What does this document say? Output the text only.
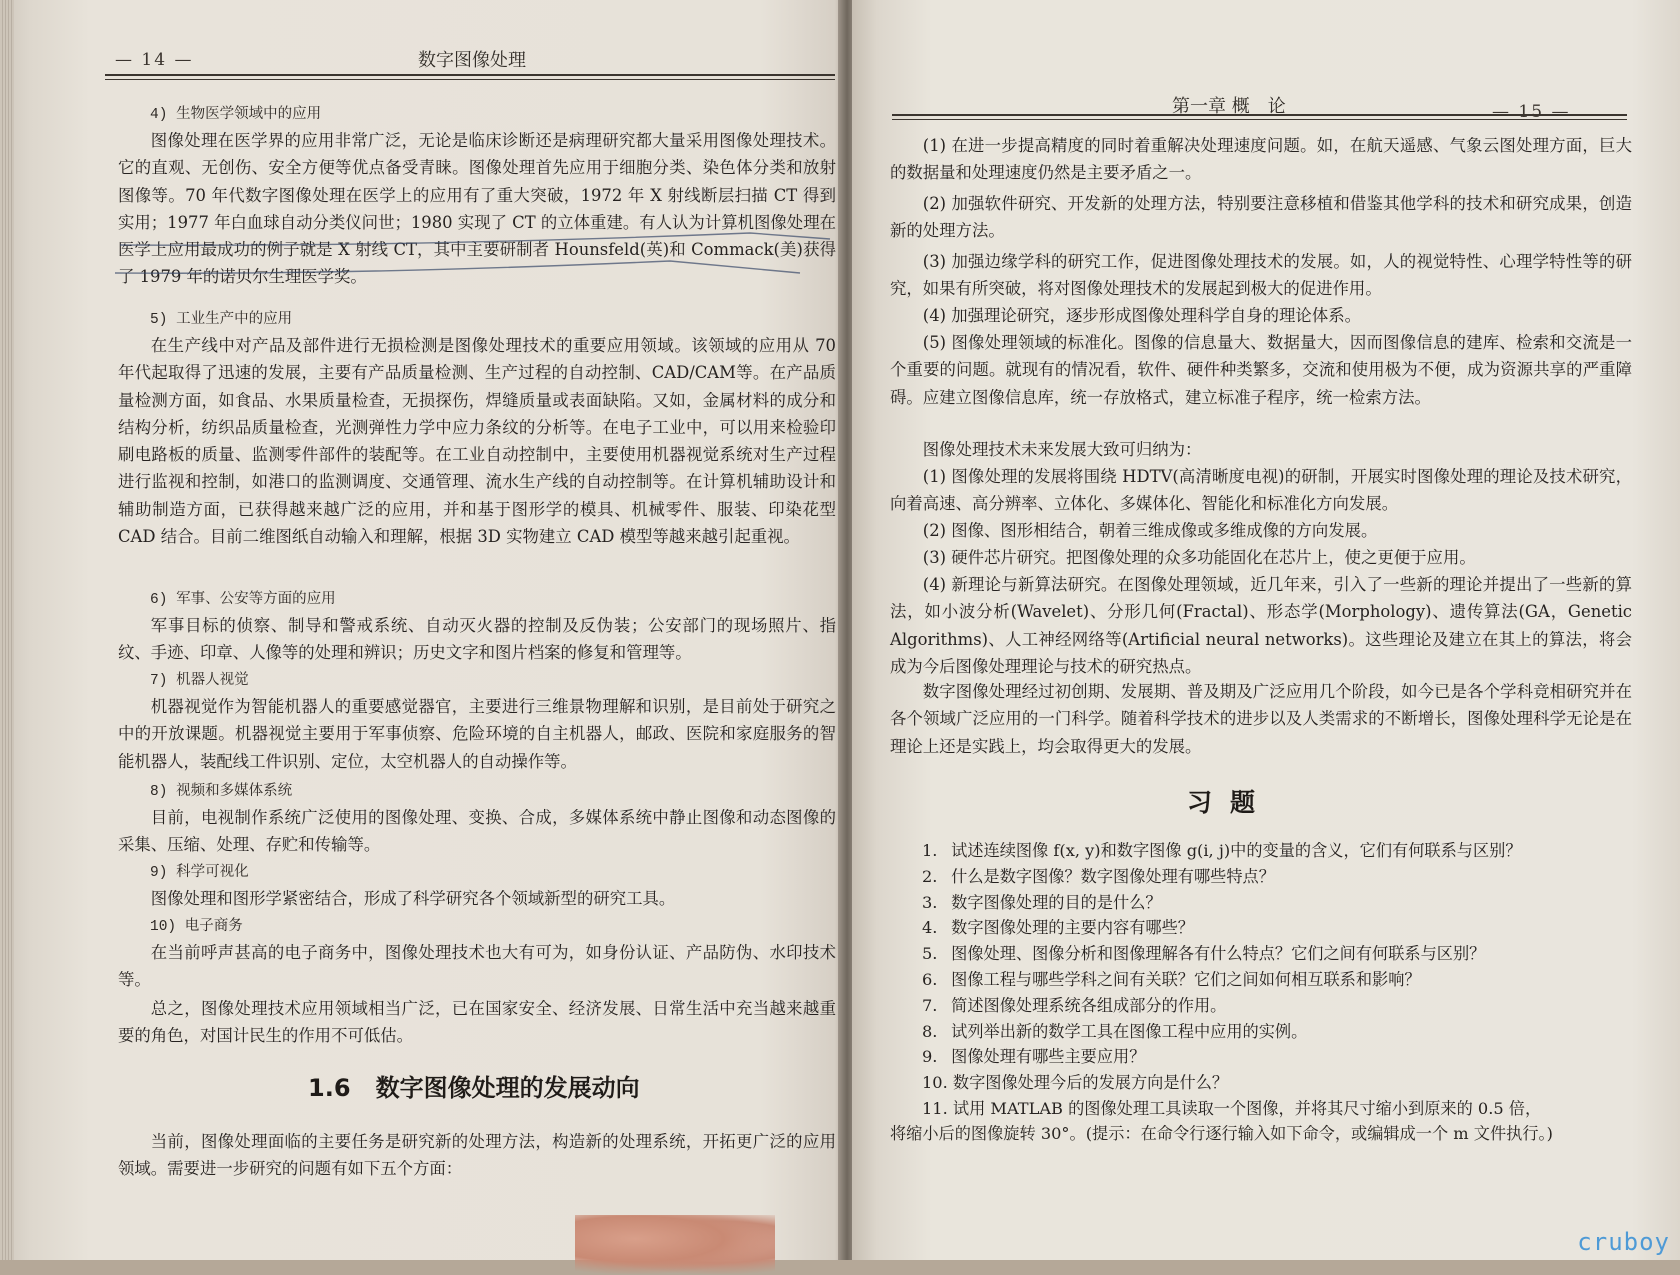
— 14 —	数字图像处理
4) 生物医学领域中的应用

图像处理在医学界的应用非常广泛，无论是临床诊断还是病理研究都大量采用图像处理技术。它的直观、无创伤、安全方便等优点备受青睐。图像处理首先应用于细胞分类、染色体分类和放射图像等。70 年代数字图像处理在医学上的应用有了重大突破，1972 年 X 射线断层扫描 CT 得到实用；1977 年白血球自动分类仪问世；1980 实现了 CT 的立体重建。有人认为计算机图像处理在医学上应用最成功的例子就是 X 射线 CT，其中主要研制者 Hounsfeld(英)和 Commack(美)获得了 1979 年的诺贝尔生理医学奖。

5) 工业生产中的应用

在生产线中对产品及部件进行无损检测是图像处理技术的重要应用领域。该领域的应用从 70 年代起取得了迅速的发展，主要有产品质量检测、生产过程的自动控制、CAD/CAM等。在产品质量检测方面，如食品、水果质量检查，无损探伤，焊缝质量或表面缺陷。又如，金属材料的成分和结构分析，纺织品质量检查，光测弹性力学中应力条纹的分析等。在电子工业中，可以用来检验印刷电路板的质量、监测零件部件的装配等。在工业自动控制中，主要使用机器视觉系统对生产过程进行监视和控制，如港口的监测调度、交通管理、流水生产线的自动控制等。在计算机辅助设计和辅助制造方面，已获得越来越广泛的应用，并和基于图形学的模具、机械零件、服装、印染花型 CAD 结合。目前二维图纸自动输入和理解，根据 3D 实物建立 CAD 模型等越来越引起重视。

6) 军事、公安等方面的应用

军事目标的侦察、制导和警戒系统、自动灭火器的控制及反伪装；公安部门的现场照片、指纹、手迹、印章、人像等的处理和辨识；历史文字和图片档案的修复和管理等。

7) 机器人视觉

机器视觉作为智能机器人的重要感觉器官，主要进行三维景物理解和识别，是目前处于研究之中的开放课题。机器视觉主要用于军事侦察、危险环境的自主机器人，邮政、医院和家庭服务的智能机器人，装配线工件识别、定位，太空机器人的自动操作等。

8) 视频和多媒体系统

目前，电视制作系统广泛使用的图像处理、变换、合成，多媒体系统中静止图像和动态图像的采集、压缩、处理、存贮和传输等。

9) 科学可视化

图像处理和图形学紧密结合，形成了科学研究各个领域新型的研究工具。

10) 电子商务

在当前呼声甚高的电子商务中，图像处理技术也大有可为，如身份认证、产品防伪、水印技术等。

总之，图像处理技术应用领域相当广泛，已在国家安全、经济发展、日常生活中充当越来越重要的角色，对国计民生的作用不可低估。

1.6 数字图像处理的发展动向

当前，图像处理面临的主要任务是研究新的处理方法，构造新的处理系统，开拓更广泛的应用领域。需要进一步研究的问题有如下五个方面：

第一章 概　论	— 15 —

(1) 在进一步提高精度的同时着重解决处理速度问题。如，在航天遥感、气象云图处理方面，巨大的数据量和处理速度仍然是主要矛盾之一。

(2) 加强软件研究、开发新的处理方法，特别要注意移植和借鉴其他学科的技术和研究成果，创造新的处理方法。

(3) 加强边缘学科的研究工作，促进图像处理技术的发展。如，人的视觉特性、心理学特性等的研究，如果有所突破，将对图像处理技术的发展起到极大的促进作用。

(4) 加强理论研究，逐步形成图像处理科学自身的理论体系。

(5) 图像处理领域的标准化。图像的信息量大、数据量大，因而图像信息的建库、检索和交流是一个重要的问题。就现有的情况看，软件、硬件种类繁多，交流和使用极为不便，成为资源共享的严重障碍。应建立图像信息库，统一存放格式，建立标准子程序，统一检索方法。

图像处理技术未来发展大致可归纳为：

(1) 图像处理的发展将围绕 HDTV(高清晰度电视)的研制，开展实时图像处理的理论及技术研究，向着高速、高分辨率、立体化、多媒体化、智能化和标准化方向发展。

(2) 图像、图形相结合，朝着三维成像或多维成像的方向发展。

(3) 硬件芯片研究。把图像处理的众多功能固化在芯片上，使之更便于应用。

(4) 新理论与新算法研究。在图像处理领域，近几年来，引入了一些新的理论并提出了一些新的算法，如小波分析(Wavelet)、分形几何(Fractal)、形态学(Morphology)、遗传算法(GA，Genetic Algorithms)、人工神经网络等(Artificial neural networks)。这些理论及建立在其上的算法，将会成为今后图像处理理论与技术的研究热点。

数字图像处理经过初创期、发展期、普及期及广泛应用几个阶段，如今已是各个学科竞相研究并在各个领域广泛应用的一门科学。随着科学技术的进步以及人类需求的不断增长，图像处理科学无论是在理论上还是实践上，均会取得更大的发展。

习题
1. 试述连续图像 f(x, y)和数字图像 g(i, j)中的变量的含义，它们有何联系与区别？
2. 什么是数字图像？数字图像处理有哪些特点？
3. 数字图像处理的目的是什么？
4. 数字图像处理的主要内容有哪些？
5. 图像处理、图像分析和图像理解各有什么特点？它们之间有何联系与区别？
6. 图像工程与哪些学科之间有关联？它们之间如何相互联系和影响？
7. 简述图像处理系统各组成部分的作用。
8. 试列举出新的数学工具在图像工程中应用的实例。
9. 图像处理有哪些主要应用？
10. 数字图像处理今后的发展方向是什么？
11. 试用 MATLAB 的图像处理工具读取一个图像，并将其尺寸缩小到原来的 0.5 倍，
将缩小后的图像旋转 30°。(提示：在命令行逐行输入如下命令，或编辑成一个 m 文件执行。)
cruboy
